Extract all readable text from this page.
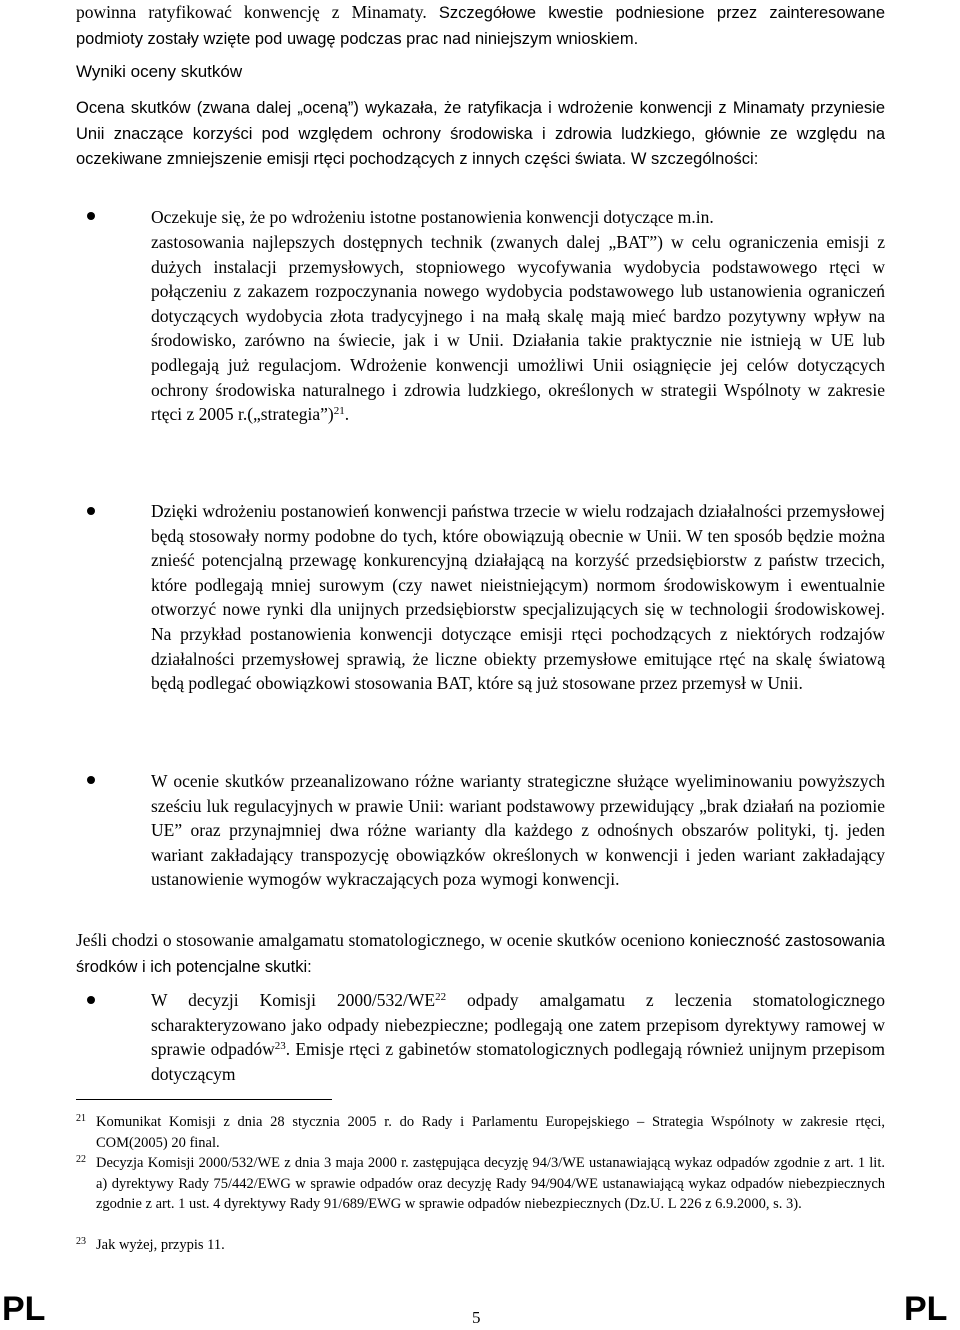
powinna ratyfikować konwencję z Minamaty. Szczegółowe kwestie podniesione przez zainteresowane podmioty zostały wzięte pod uwagę podczas prac nad niniejszym wnioskiem.

Wyniki oceny skutków

Ocena skutków (zwana dalej „oceną”) wykazała, że ratyfikacja i wdrożenie konwencji z Minamaty przyniesie Unii znaczące korzyści pod względem ochrony środowiska i zdrowia ludzkiego, głównie ze względu na oczekiwane zmniejszenie emisji rtęci pochodzących z innych części świata. W szczególności:

Oczekuje się, że po wdrożeniu istotne postanowienia konwencji dotyczące m.in.

zastosowania najlepszych dostępnych technik (zwanych dalej „BAT”) w celu ograniczenia emisji z dużych instalacji przemysłowych, stopniowego wycofywania wydobycia podstawowego rtęci w połączeniu z zakazem rozpoczynania nowego wydobycia podstawowego lub ustanowienia ograniczeń dotyczących wydobycia złota tradycyjnego i na małą skalę mają mieć bardzo pozytywny wpływ na środowisko, zarówno na świecie, jak i w Unii. Działania takie praktycznie nie istnieją w UE lub podlegają już regulacjom. Wdrożenie konwencji umożliwi Unii osiągnięcie jej celów dotyczących ochrony środowiska naturalnego i zdrowia ludzkiego, określonych w strategii Wspólnoty w zakresie rtęci z 2005 r.(„strategia”)$^{21}$.

Dzięki wdrożeniu postanowień konwencji państwa trzecie w wielu rodzajach działalności przemysłowej będą stosowały normy podobne do tych, które obowiązują obecnie w Unii. W ten sposób będzie można znieść potencjalną przewagę konkurencyjną działającą na korzyść przedsiębiorstw z państw trzecich, które podlegają mniej surowym (czy nawet nieistniejącym) normom środowiskowym i ewentualnie otworzyć nowe rynki dla unijnych przedsiębiorstw specjalizujących się w technologii środowiskowej. Na przykład postanowienia konwencji dotyczące emisji rtęci pochodzących z niektórych rodzajów działalności przemysłowej sprawią, że liczne obiekty przemysłowe emitujące rtęć na skalę światową będą podlegać obowiązkowi stosowania BAT, które są już stosowane przez przemysł w Unii.

W ocenie skutków przeanalizowano różne warianty strategiczne służące wyeliminowaniu powyższych sześciu luk regulacyjnych w prawie Unii: wariant podstawowy przewidujący „brak działań na poziomie UE” oraz przynajmniej dwa różne warianty dla każdego z odnośnych obszarów polityki, tj. jeden wariant zakładający transpozycję obowiązków określonych w konwencji i jeden wariant zakładający ustanowienie wymogów wykraczających poza wymogi konwencji.

Jeśli chodzi o stosowanie amalgamatu stomatologicznego, w ocenie skutków oceniono konieczność zastosowania środków i ich potencjalne skutki:

W decyzji Komisji 2000/532/WE$^{22}$ odpady amalgamatu z leczenia stomatologicznego scharakteryzowano jako odpady niebezpieczne; podlegają one zatem przepisom dyrektywy ramowej w sprawie odpadów$^{23}$. Emisje rtęci z gabinetów stomatologicznych podlegają również unijnym przepisom dotyczącym

21 Komunikat Komisji z dnia 28 stycznia 2005 r. do Rady i Parlamentu Europejskiego – Strategia Wspólnoty w zakresie rtęci, COM(2005) 20 final.

22 Decyzja Komisji 2000/532/WE z dnia 3 maja 2000 r. zastępująca decyzję 94/3/WE ustanawiającą wykaz odpadów zgodnie z art. 1 lit. a) dyrektywy Rady 75/442/EWG w sprawie odpadów oraz decyzję Rady 94/904/WE ustanawiającą wykaz odpadów niebezpiecznych zgodnie z art. 1 ust. 4 dyrektywy Rady 91/689/EWG w sprawie odpadów niebezpiecznych (Dz.U. L 226 z 6.9.2000, s. 3).

23 Jak wyżej, przypis 11.

PL	5	PL
